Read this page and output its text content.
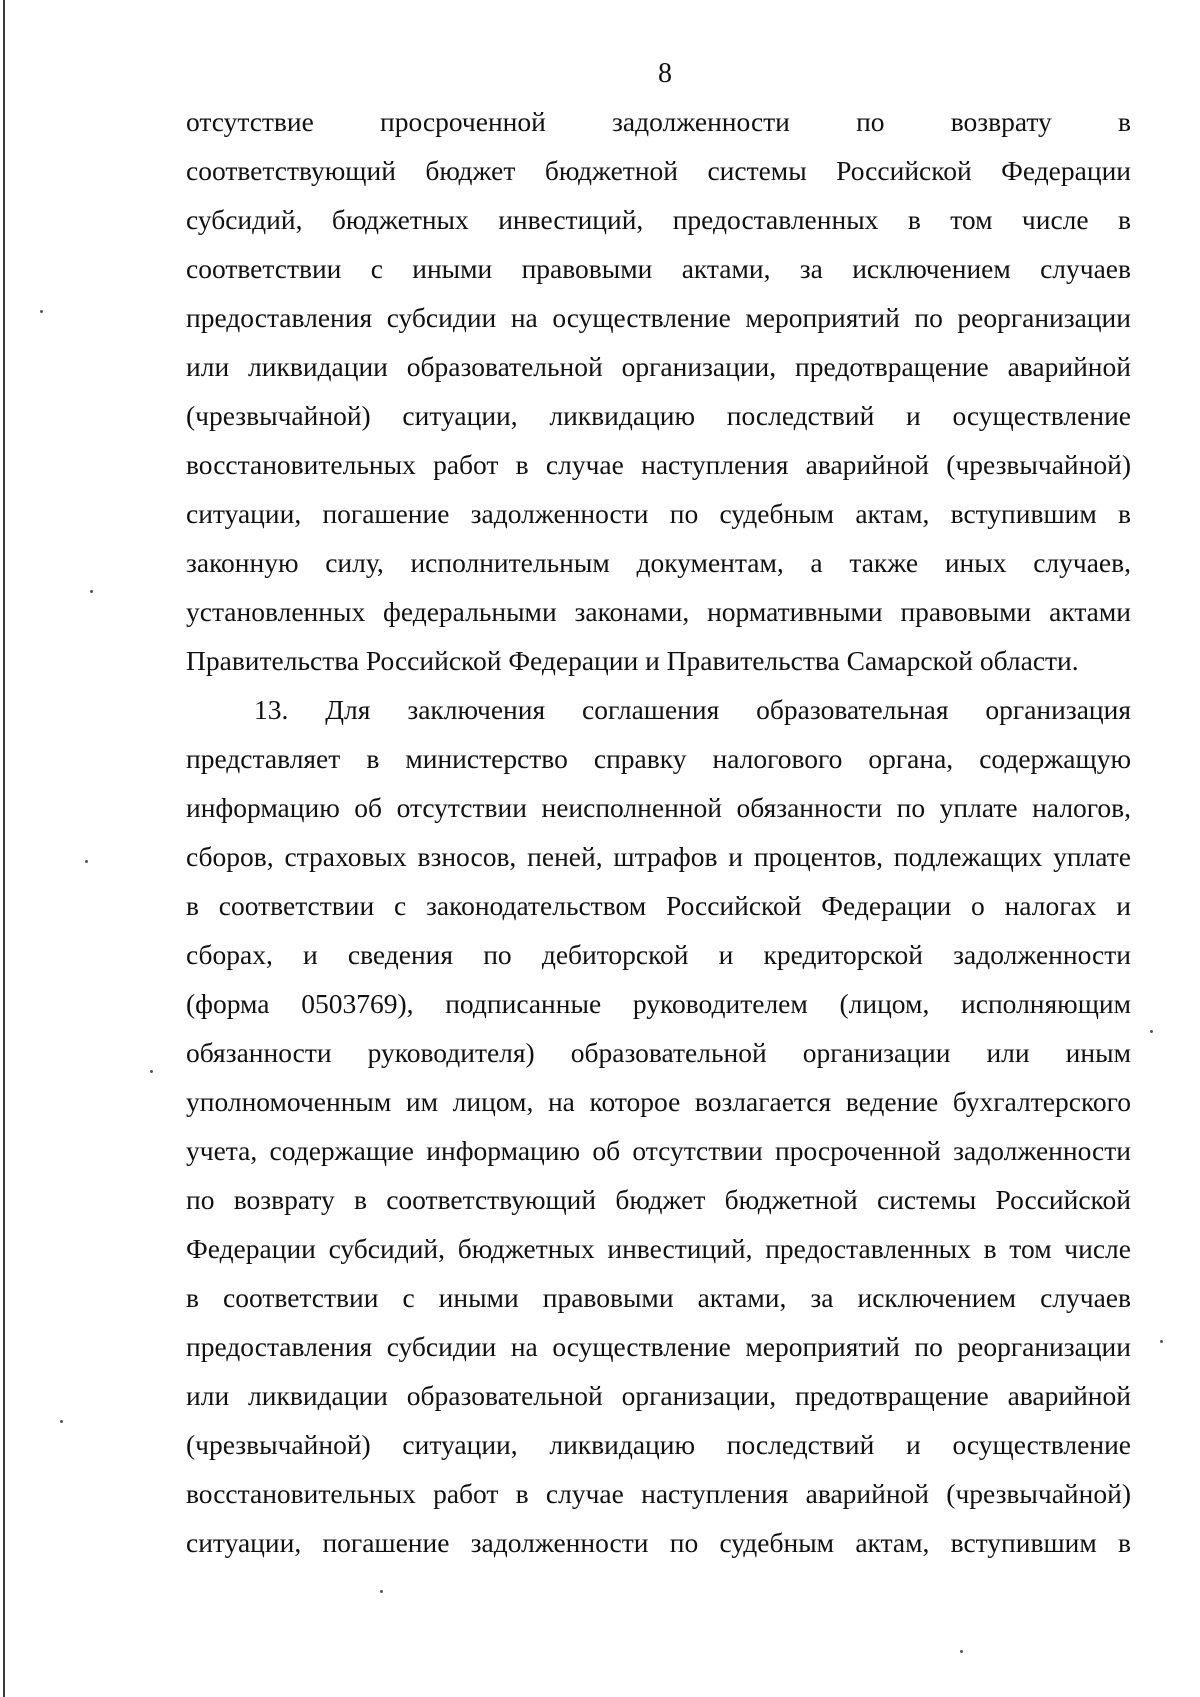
8
отсутствие просроченной задолженности по возврату в
соответствующий бюджет бюджетной системы Российской Федерации
субсидий, бюджетных инвестиций, предоставленных в том числе в
соответствии с иными правовыми актами, за исключением случаев
предоставления субсидии на осуществление мероприятий по реорганизации
или ликвидации образовательной организации, предотвращение аварийной
(чрезвычайной) ситуации, ликвидацию последствий и осуществление
восстановительных работ в случае наступления аварийной (чрезвычайной)
ситуации, погашение задолженности по судебным актам, вступившим в
законную силу, исполнительным документам, а также иных случаев,
установленных федеральными законами, нормативными правовыми актами
Правительства Российской Федерации и Правительства Самарской области.
13. Для заключения соглашения образовательная организация
представляет в министерство справку налогового органа, содержащую
информацию об отсутствии неисполненной обязанности по уплате налогов,
сборов, страховых взносов, пеней, штрафов и процентов, подлежащих уплате
в соответствии с законодательством Российской Федерации о налогах и
сборах, и сведения по дебиторской и кредиторской задолженности
(форма 0503769), подписанные руководителем (лицом, исполняющим
обязанности руководителя) образовательной организации или иным
уполномоченным им лицом, на которое возлагается ведение бухгалтерского
учета, содержащие информацию об отсутствии просроченной задолженности
по возврату в соответствующий бюджет бюджетной системы Российской
Федерации субсидий, бюджетных инвестиций, предоставленных в том числе
в соответствии с иными правовыми актами, за исключением случаев
предоставления субсидии на осуществление мероприятий по реорганизации
или ликвидации образовательной организации, предотвращение аварийной
(чрезвычайной) ситуации, ликвидацию последствий и осуществление
восстановительных работ в случае наступления аварийной (чрезвычайной)
ситуации, погашение задолженности по судебным актам, вступившим в
